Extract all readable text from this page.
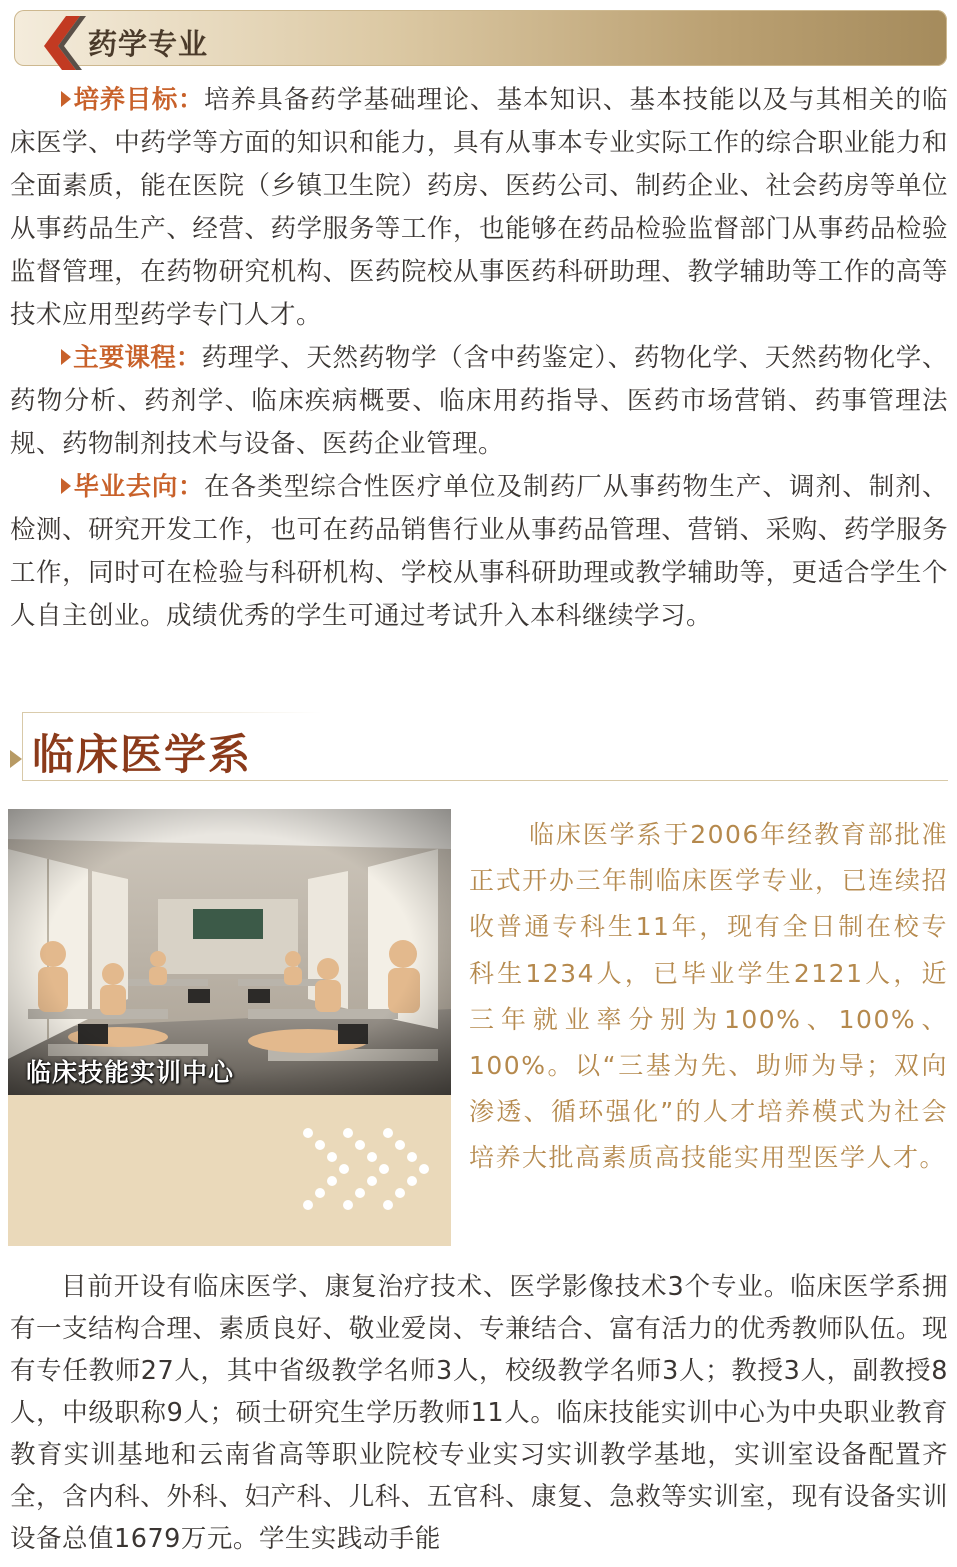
药学专业

培养目标：培养具备药学基础理论、基本知识、基本技能以及与其相关的临床医学、中药学等方面的知识和能力，具有从事本专业实际工作的综合职业能力和全面素质，能在医院（乡镇卫生院）药房、医药公司、制药企业、社会药房等单位从事药品生产、经营、药学服务等工作，也能够在药品检验监督部门从事药品检验监督管理，在药物研究机构、医药院校从事医药科研助理、教学辅助等工作的高等技术应用型药学专门人才。

主要课程：药理学、天然药物学（含中药鉴定）、药物化学、天然药物化学、药物分析、药剂学、临床疾病概要、临床用药指导、医药市场营销、药事管理法规、药物制剂技术与设备、医药企业管理。

毕业去向：在各类型综合性医疗单位及制药厂从事药物生产、调剂、制剂、检测、研究开发工作，也可在药品销售行业从事药品管理、营销、采购、药学服务工作，同时可在检验与科研机构、学校从事科研助理或教学辅助等，更适合学生个人自主创业。成绩优秀的学生可通过考试升入本科继续学习。

临床医学系
临床技能实训中心

临床医学系于2006年经教育部批准正式开办三年制临床医学专业，已连续招收普通专科生11年，现有全日制在校专科生1234人，已毕业学生2121人，近三年就业率分别为100%、100%、100%。以“三基为先、助师为导；双向渗透、循环强化”的人才培养模式为社会培养大批高素质高技能实用型医学人才。

目前开设有临床医学、康复治疗技术、医学影像技术3个专业。临床医学系拥有一支结构合理、素质良好、敬业爱岗、专兼结合、富有活力的优秀教师队伍。现有专任教师27人，其中省级教学名师3人，校级教学名师3人；教授3人，副教授8人，中级职称9人；硕士研究生学历教师11人。临床技能实训中心为中央职业教育教育实训基地和云南省高等职业院校专业实习实训教学基地，实训室设备配置齐全，含内科、外科、妇产科、儿科、五官科、康复、急救等实训室，现有设备实训设备总值1679万元。学生实践动手能
